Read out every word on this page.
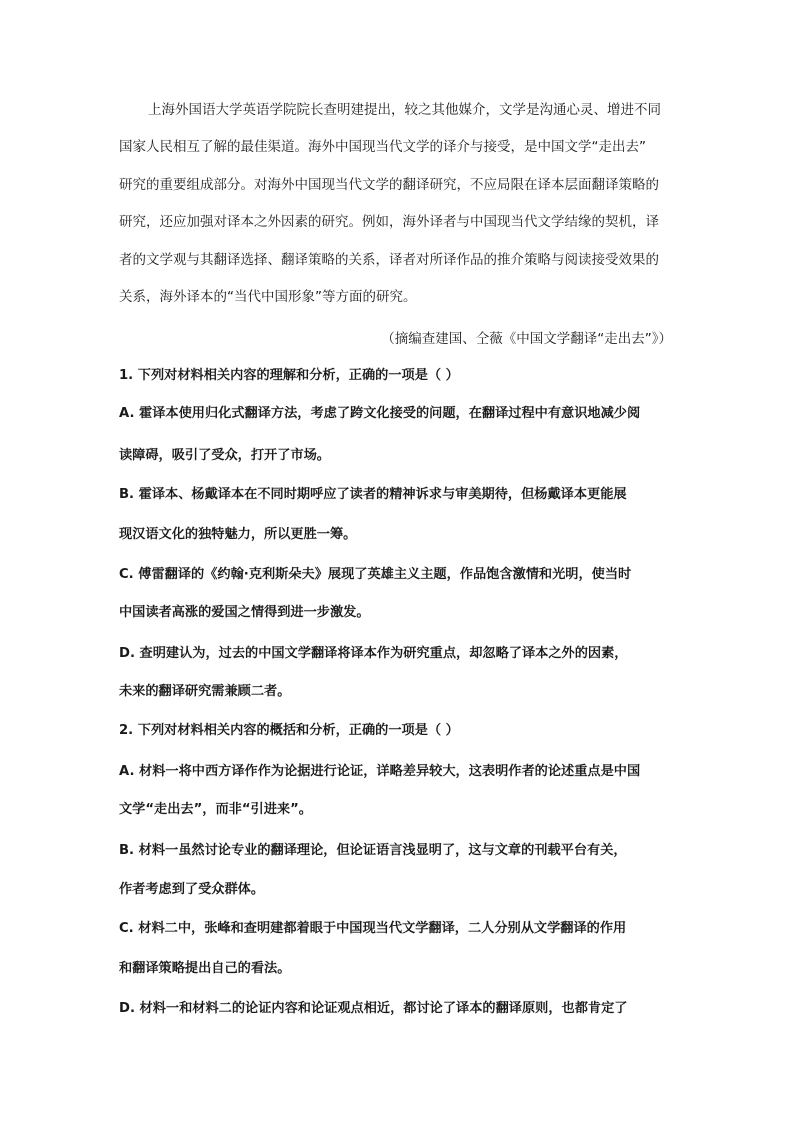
上海外国语大学英语学院院长查明建提出，较之其他媒介，文学是沟通心灵、增进不同
国家人民相互了解的最佳渠道。海外中国现当代文学的译介与接受，是中国文学“走出去”
研究的重要组成部分。对海外中国现当代文学的翻译研究，不应局限在译本层面翻译策略的
研究，还应加强对译本之外因素的研究。例如，海外译者与中国现当代文学结缘的契机，译
者的文学观与其翻译选择、翻译策略的关系，译者对所译作品的推介策略与阅读接受效果的
关系，海外译本的“当代中国形象”等方面的研究。
（摘编查建国、仝薇《中国文学翻译“走出去”》）
1. 下列对材料相关内容的理解和分析，正确的一项是（ ）
A. 霍译本使用归化式翻译方法，考虑了跨文化接受的问题，在翻译过程中有意识地减少阅
读障碍，吸引了受众，打开了市场。
B. 霍译本、杨戴译本在不同时期呼应了读者的精神诉求与审美期待，但杨戴译本更能展
现汉语文化的独特魅力，所以更胜一筹。
C. 傅雷翻译的《约翰·克利斯朵夫》展现了英雄主义主题，作品饱含激情和光明，使当时
中国读者高涨的爱国之情得到进一步激发。
D. 查明建认为，过去的中国文学翻译将译本作为研究重点，却忽略了译本之外的因素，
未来的翻译研究需兼顾二者。
2. 下列对材料相关内容的概括和分析，正确的一项是（ ）
A. 材料一将中西方译作作为论据进行论证，详略差异较大，这表明作者的论述重点是中国
文学“走出去”，而非“引进来”。
B. 材料一虽然讨论专业的翻译理论，但论证语言浅显明了，这与文章的刊载平台有关，
作者考虑到了受众群体。
C. 材料二中，张峰和查明建都着眼于中国现当代文学翻译，二人分别从文学翻译的作用
和翻译策略提出自己的看法。
D. 材料一和材料二的论证内容和论证观点相近，都讨论了译本的翻译原则，也都肯定了
